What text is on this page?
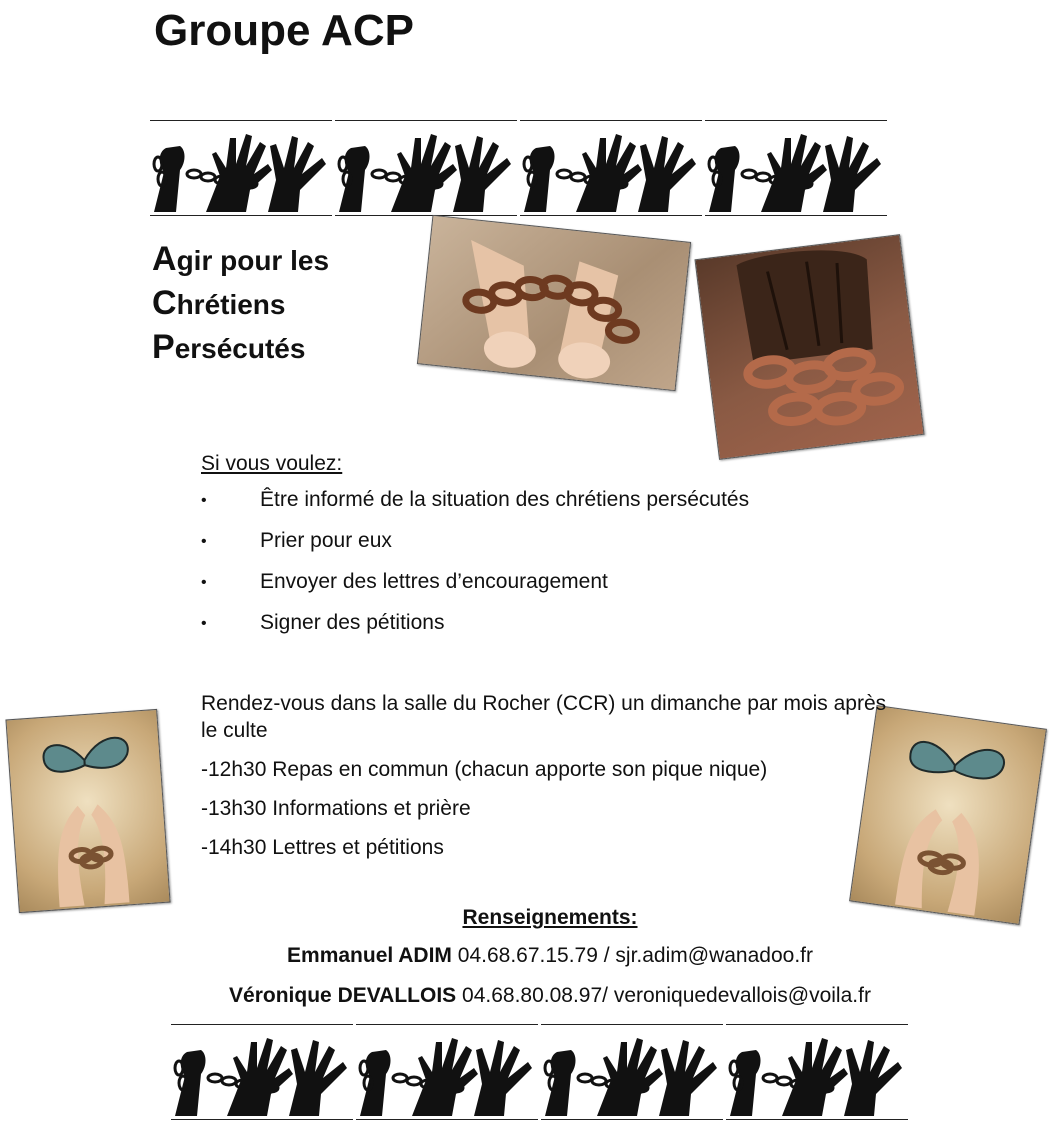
Groupe ACP
Agir pour les
Chrétiens
Persécutés
Si vous voulez:
•	Être informé de la situation des chrétiens persécutés
•	Prier pour eux
•	Envoyer des lettres d’encouragement
•	Signer des pétitions
Rendez-vous dans la salle du Rocher (CCR) un dimanche par mois après le culte
-12h30 Repas en commun (chacun apporte son pique nique)
-13h30 Informations et prière
-14h30 Lettres et pétitions
Renseignements:
Emmanuel ADIM 04.68.67.15.79 / sjr.adim@wanadoo.fr
Véronique DEVALLOIS 04.68.80.08.97/ veroniquedevallois@voila.fr
